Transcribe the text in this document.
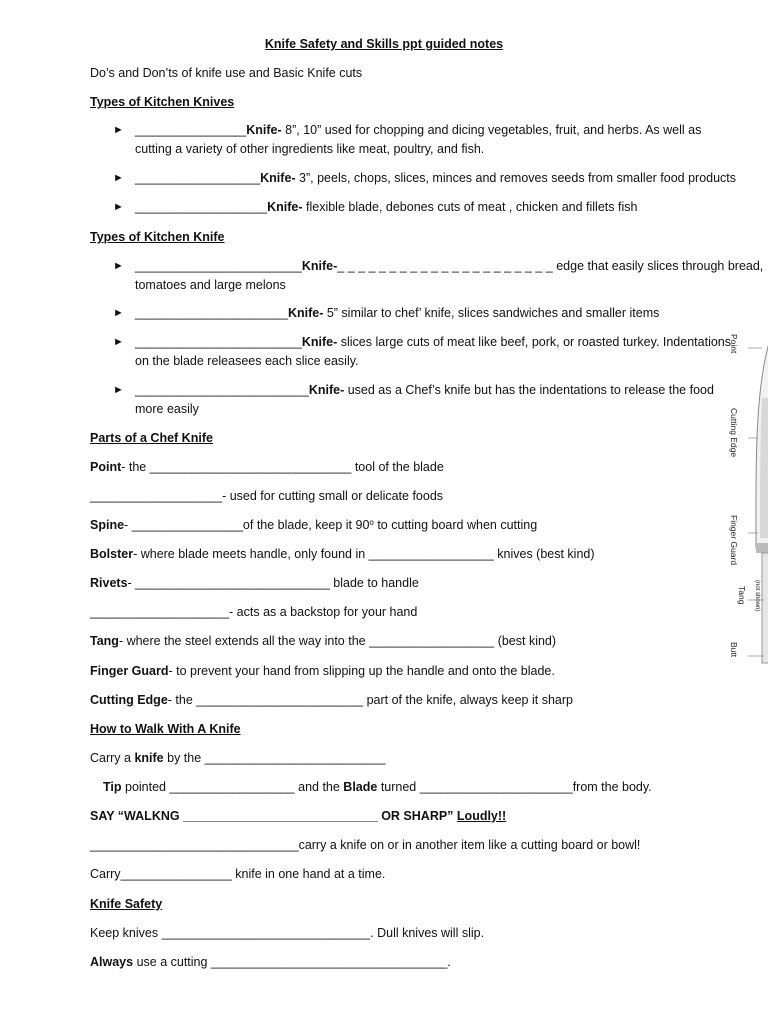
Knife Safety and Skills ppt guided notes
Do’s and Don’ts of knife use and Basic Knife cuts
Types of Kitchen Knives
► ________________Knife- 8”, 10” used for chopping and dicing vegetables, fruit, and herbs. As well as
cutting a variety of other ingredients like meat, poultry, and fish.
► __________________Knife- 3”, peels, chops, slices, minces and removes seeds from smaller food products
► ___________________Knife- flexible blade, debones cuts of meat , chicken and fillets fish
Types of Kitchen Knife
► ________________________Knife-_ _ _ _ _ _ _ _ _ _ _ _ _ _ _ _ _ _ _ _ _ edge that easily slices through bread,
tomatoes and large melons
► ______________________Knife- 5” similar to chef’ knife, slices sandwiches and smaller items
► ________________________Knife- slices large cuts of meat like beef, pork, or roasted turkey. Indentations
on the blade releasees each slice easily.
► _________________________Knife- used as a Chef’s knife but has the indentations to release the food
more easily
Parts of a Chef Knife
Point- the _____________________________ tool of the blade
___________________- used for cutting small or delicate foods
Spine- ________________of the blade, keep it 90$^o$ to cutting board when cutting
Bolster- where blade meets handle, only found in __________________ knives (best kind)
Rivets- ____________________________ blade to handle
____________________- acts as a backstop for your hand
Tang- where the steel extends all the way into the __________________ (best kind)
Finger Guard- to prevent your hand from slipping up the handle and onto the blade.
Cutting Edge- the ________________________ part of the knife, always keep it sharp
How to Walk With A Knife
Carry a knife by the __________________________
Tip pointed __________________ and the Blade turned ______________________from the body.
SAY “WALKNG ____________________________ OR SHARP” Loudly!!
______________________________carry a knife on or in another item like a cutting board or bowl!
Carry________________ knife in one hand at a time.
Knife Safety
Keep knives ______________________________. Dull knives will slip.
Always use a cutting __________________________________.
Point
Cutting Edge
Finger Guard
Tang	(not shown)
Butt
